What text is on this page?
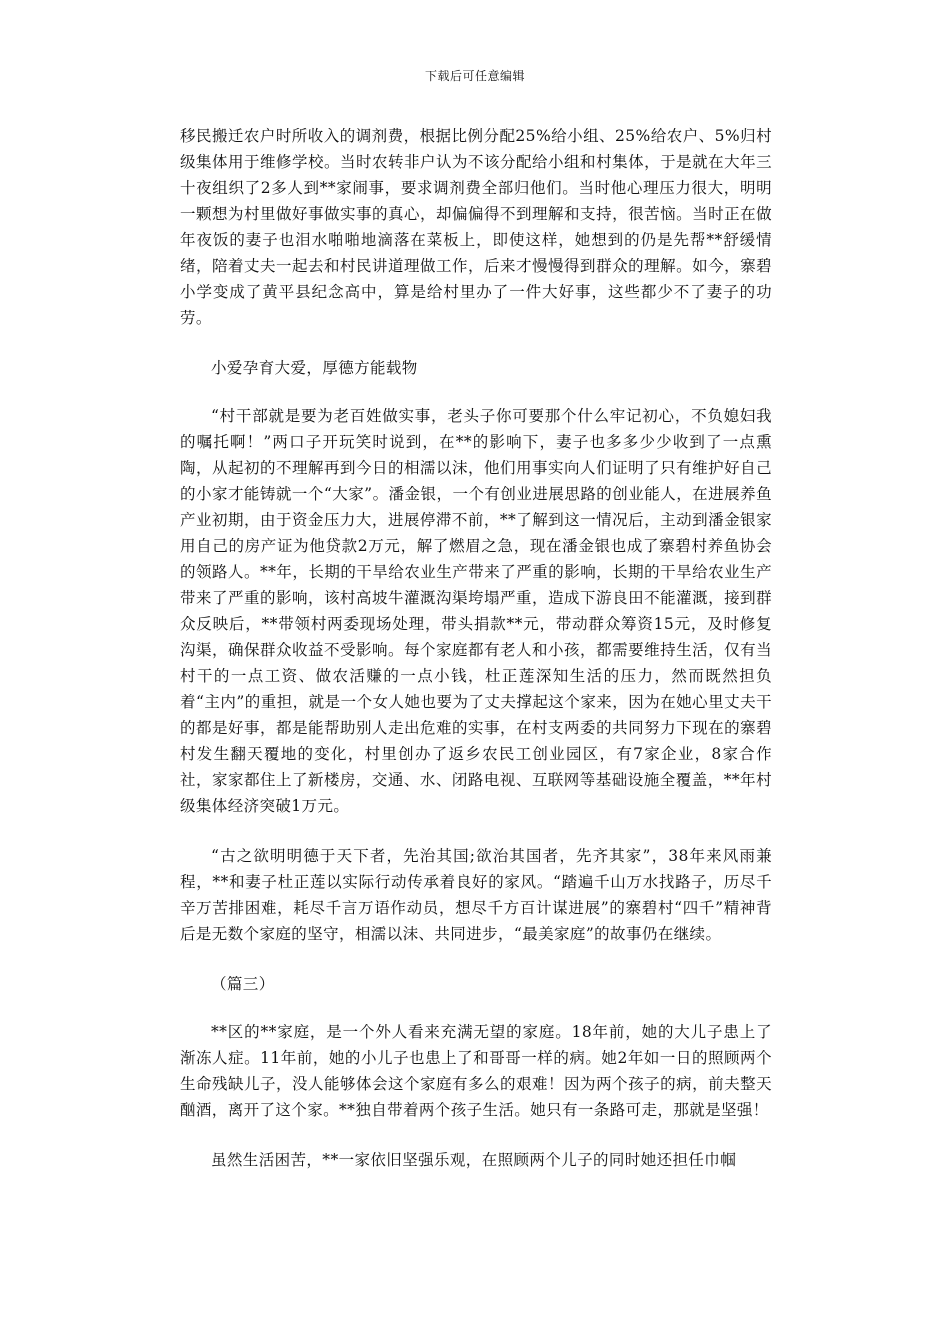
下载后可任意编辑

移民搬迁农户时所收入的调剂费，根据比例分配25%给小组、25%给农户、5%归村级集体用于维修学校。当时农转非户认为不该分配给小组和村集体，于是就在大年三十夜组织了2多人到**家闹事，要求调剂费全部归他们。当时他心理压力很大，明明一颗想为村里做好事做实事的真心，却偏偏得不到理解和支持，很苦恼。当时正在做年夜饭的妻子也泪水啪啪地滴落在菜板上，即使这样，她想到的仍是先帮**舒缓情绪，陪着丈夫一起去和村民讲道理做工作，后来才慢慢得到群众的理解。如今，寨碧小学变成了黄平县纪念高中，算是给村里办了一件大好事，这些都少不了妻子的功劳。

小爱孕育大爱，厚德方能载物

“村干部就是要为老百姓做实事，老头子你可要那个什么牢记初心，不负媳妇我的嘱托啊！”两口子开玩笑时说到，在**的影响下，妻子也多多少少收到了一点熏陶，从起初的不理解再到今日的相濡以沫，他们用事实向人们证明了只有维护好自己的小家才能铸就一个“大家”。潘金银，一个有创业进展思路的创业能人，在进展养鱼产业初期，由于资金压力大，进展停滞不前，**了解到这一情况后，主动到潘金银家用自己的房产证为他贷款2万元，解了燃眉之急，现在潘金银也成了寨碧村养鱼协会的领路人。**年，长期的干旱给农业生产带来了严重的影响，长期的干旱给农业生产带来了严重的影响，该村高坡牛灌溉沟渠垮塌严重，造成下游良田不能灌溉，接到群众反映后，**带领村两委现场处理，带头捐款**元，带动群众筹资15元，及时修复沟渠，确保群众收益不受影响。每个家庭都有老人和小孩，都需要维持生活，仅有当村干的一点工资、做农活赚的一点小钱，杜正莲深知生活的压力，然而既然担负着“主内”的重担，就是一个女人她也要为了丈夫撑起这个家来，因为在她心里丈夫干的都是好事，都是能帮助别人走出危难的实事，在村支两委的共同努力下现在的寨碧村发生翻天覆地的变化，村里创办了返乡农民工创业园区，有7家企业，8家合作社，家家都住上了新楼房，交通、水、闭路电视、互联网等基础设施全覆盖，**年村级集体经济突破1万元。

“古之欲明明德于天下者，先治其国;欲治其国者，先齐其家”，38年来风雨兼程，**和妻子杜正莲以实际行动传承着良好的家风。“踏遍千山万水找路子，历尽千辛万苦排困难，耗尽千言万语作动员，想尽千方百计谋进展”的寨碧村“四千”精神背后是无数个家庭的坚守，相濡以沫、共同进步，“最美家庭”的故事仍在继续。

（篇三）

**区的**家庭，是一个外人看来充满无望的家庭。18年前，她的大儿子患上了渐冻人症。11年前，她的小儿子也患上了和哥哥一样的病。她2年如一日的照顾两个生命残缺儿子，没人能够体会这个家庭有多么的艰难！因为两个孩子的病，前夫整天酗酒，离开了这个家。**独自带着两个孩子生活。她只有一条路可走，那就是坚强！

虽然生活困苦，**一家依旧坚强乐观，在照顾两个儿子的同时她还担任巾帼
